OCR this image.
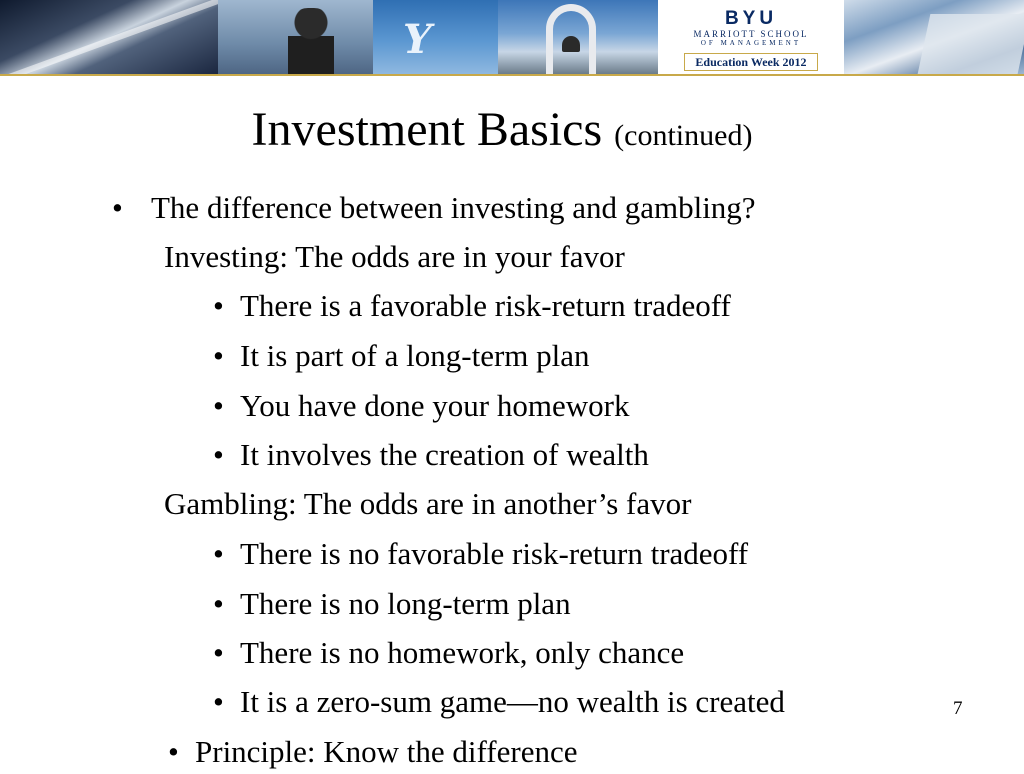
Y	BYU
MARRIOTT SCHOOL
OF MANAGEMENT
Education Week 2012
Investment Basics (continued)
• The difference between investing and gambling?
Investing: The odds are in your favor
• There is a favorable risk-return tradeoff
• It is part of a long-term plan
• You have done your homework
• It involves the creation of wealth
Gambling: The odds are in another’s favor
• There is no favorable risk-return tradeoff
• There is no long-term plan
• There is no homework, only chance
• It is a zero-sum game—no wealth is created
• Principle: Know the difference
7
